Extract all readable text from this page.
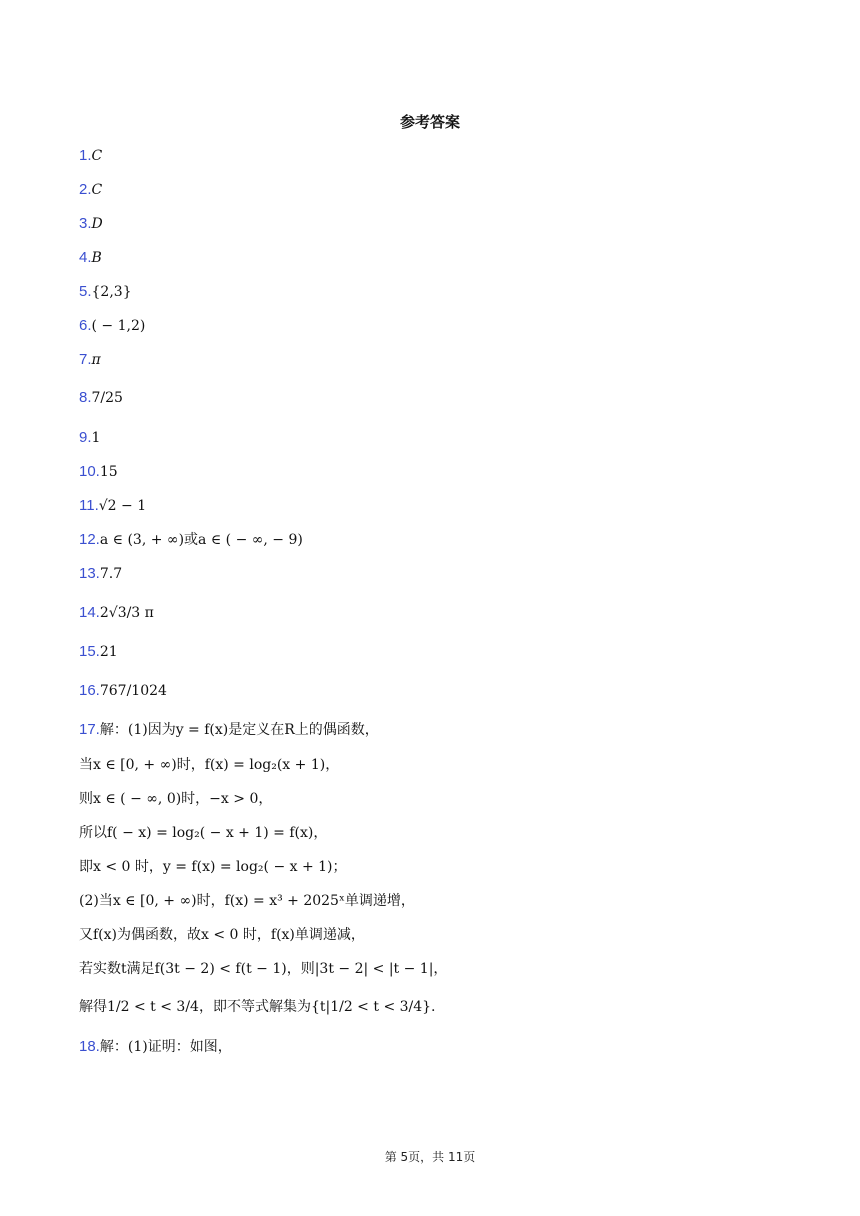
参考答案
1.C
2.C
3.D
4.B
5.{2,3}
6.( − 1,2)
7.π
8.7/25
9.1
10.15
11.√2 − 1
12.a ∈ (3, + ∞)或a ∈ ( − ∞, − 9)
13.7.7
14.2√3/3 π
15.21
16.767/1024
17.解：(1)因为y = f(x)是定义在R上的偶函数，
当x ∈ [0, + ∞)时，f(x) = log₂(x + 1)，
则x ∈ ( − ∞, 0)时，−x > 0，
所以f( − x) = log₂( − x + 1) = f(x)，
即x < 0 时，y = f(x) = log₂( − x + 1)；
(2)当x ∈ [0, + ∞)时，f(x) = x³ + 2025ˣ单调递增，
又f(x)为偶函数，故x < 0 时，f(x)单调递减，
若实数t满足f(3t − 2) < f(t − 1)，则|3t − 2| < |t − 1|，
解得1/2 < t < 3/4，即不等式解集为{t|1/2 < t < 3/4}.
18.解：(1)证明：如图，
第 5页，共 11页
